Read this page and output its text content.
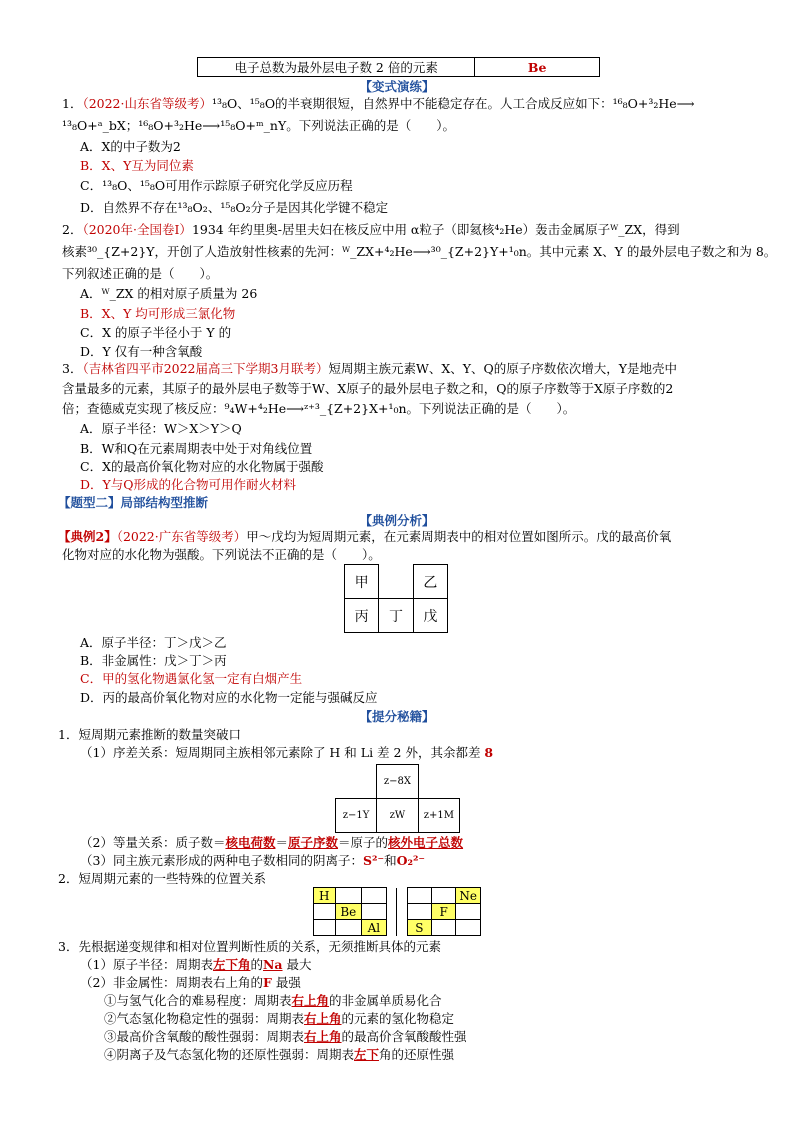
电子总数为最外层电子数 2 倍的元素	Be
【变式演练】
1．（2022·山东省等级考）¹³₈O、¹⁵₈O的半衰期很短，自然界中不能稳定存在。人工合成反应如下：¹⁶₈O+³₂He⟶
¹³₈O+ᵃ_bX；¹⁶₈O+³₂He⟶¹⁵₈O+ᵐ_nY。下列说法正确的是（　　）。
A．X的中子数为2
B．X、Y互为同位素
C．¹³₈O、¹⁵₈O可用作示踪原子研究化学反应历程
D．自然界不存在¹³₈O₂、¹⁵₈O₂分子是因其化学键不稳定
2．（2020年·全国卷Ⅰ）1934 年约里奥-居里夫妇在核反应中用 α粒子（即氦核⁴₂He）轰击金属原子ᵂ_ZX，得到
核素³⁰_{Z+2}Y，开创了人造放射性核素的先河：ᵂ_ZX+⁴₂He⟶³⁰_{Z+2}Y+¹₀n。其中元素 X、Y 的最外层电子数之和为 8。
下列叙述正确的是（　　）。
A．ᵂ_ZX 的相对原子质量为 26
B．X、Y 均可形成三氯化物
C．X 的原子半径小于 Y 的
D．Y 仅有一种含氧酸
3．（吉林省四平市2022届高三下学期3月联考）短周期主族元素W、X、Y、Q的原子序数依次增大，Y是地壳中
含量最多的元素，其原子的最外层电子数等于W、X原子的最外层电子数之和，Q的原子序数等于X原子序数的2
倍；查德威克实现了核反应：⁹₄W+⁴₂He⟶ᶻ⁺³_{Z+2}X+¹₀n。下列说法正确的是（　　）。
A．原子半径：W＞X＞Y＞Q
B．W和Q在元素周期表中处于对角线位置
C．X的最高价氧化物对应的水化物属于强酸
D．Y与Q形成的化合物可用作耐火材料
【题型二】局部结构型推断
【典例分析】
【典例2】（2022·广东省等级考）甲～戊均为短周期元素，在元素周期表中的相对位置如图所示。戊的最高价氧
化物对应的水化物为强酸。下列说法不正确的是（　　）。
甲		乙
丙	丁	戊
A．原子半径：丁＞戊＞乙
B．非金属性：戊＞丁＞丙
C．甲的氢化物遇氯化氢一定有白烟产生
D．丙的最高价氧化物对应的水化物一定能与强碱反应
【提分秘籍】
1．短周期元素推断的数量突破口
（1）序差关系：短周期同主族相邻元素除了 H 和 Li 差 2 外，其余都差 8
	z−8X	
z−1Y	zW	z+1M
（2）等量关系：质子数＝核电荷数＝原子序数＝原子的核外电子总数
（3）同主族元素形成的两种电子数相同的阴离子：S²⁻和O₂²⁻
2．短周期元素的一些特殊的位置关系
H							Ne
	Be					F	
		Al			S		
3．先根据递变规律和相对位置判断性质的关系，无须推断具体的元素
（1）原子半径：周期表左下角的Na 最大
（2）非金属性：周期表右上角的F 最强
①与氢气化合的难易程度：周期表右上角的非金属单质易化合
②气态氢化物稳定性的强弱：周期表右上角的元素的氢化物稳定
③最高价含氧酸的酸性强弱：周期表右上角的最高价含氧酸酸性强
④阴离子及气态氢化物的还原性强弱：周期表左下角的还原性强
